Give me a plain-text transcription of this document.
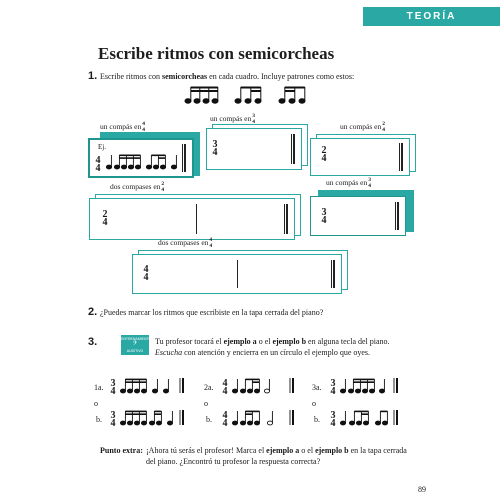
TEORÍA
Escribe ritmos con semicorcheas
1. Escribe ritmos con semicorcheas en cada cuadro. Incluye patrones como estos:
un compás en4
4
Ej.
4
4
un compás en3
4
3
4
un compás en2
4
2
4
dos compases en2
4
2
4
un compás en3
4
3
4
dos compases en4
4
4
4
2. ¿Puedes marcar los ritmos que escribiste en la tapa cerrada del piano?
3.	ENTRENAMIENTO
𝄢
AUDITIVO
Tu profesor tocará el ejemplo a o el ejemplo b en alguna tecla del piano.
Escucha con atención y encierra en un círculo el ejemplo que oyes.
1a. 3
4
o
b. 3
4
2a. 4
4
o
b. 4
4
3a. 3
4
o
b. 3
4
Punto extra: ¡Ahora tú serás el profesor! Marca el ejemplo a o el ejemplo b en la tapa cerrada
del piano. ¿Encontró tu profesor la respuesta correcta?
89
